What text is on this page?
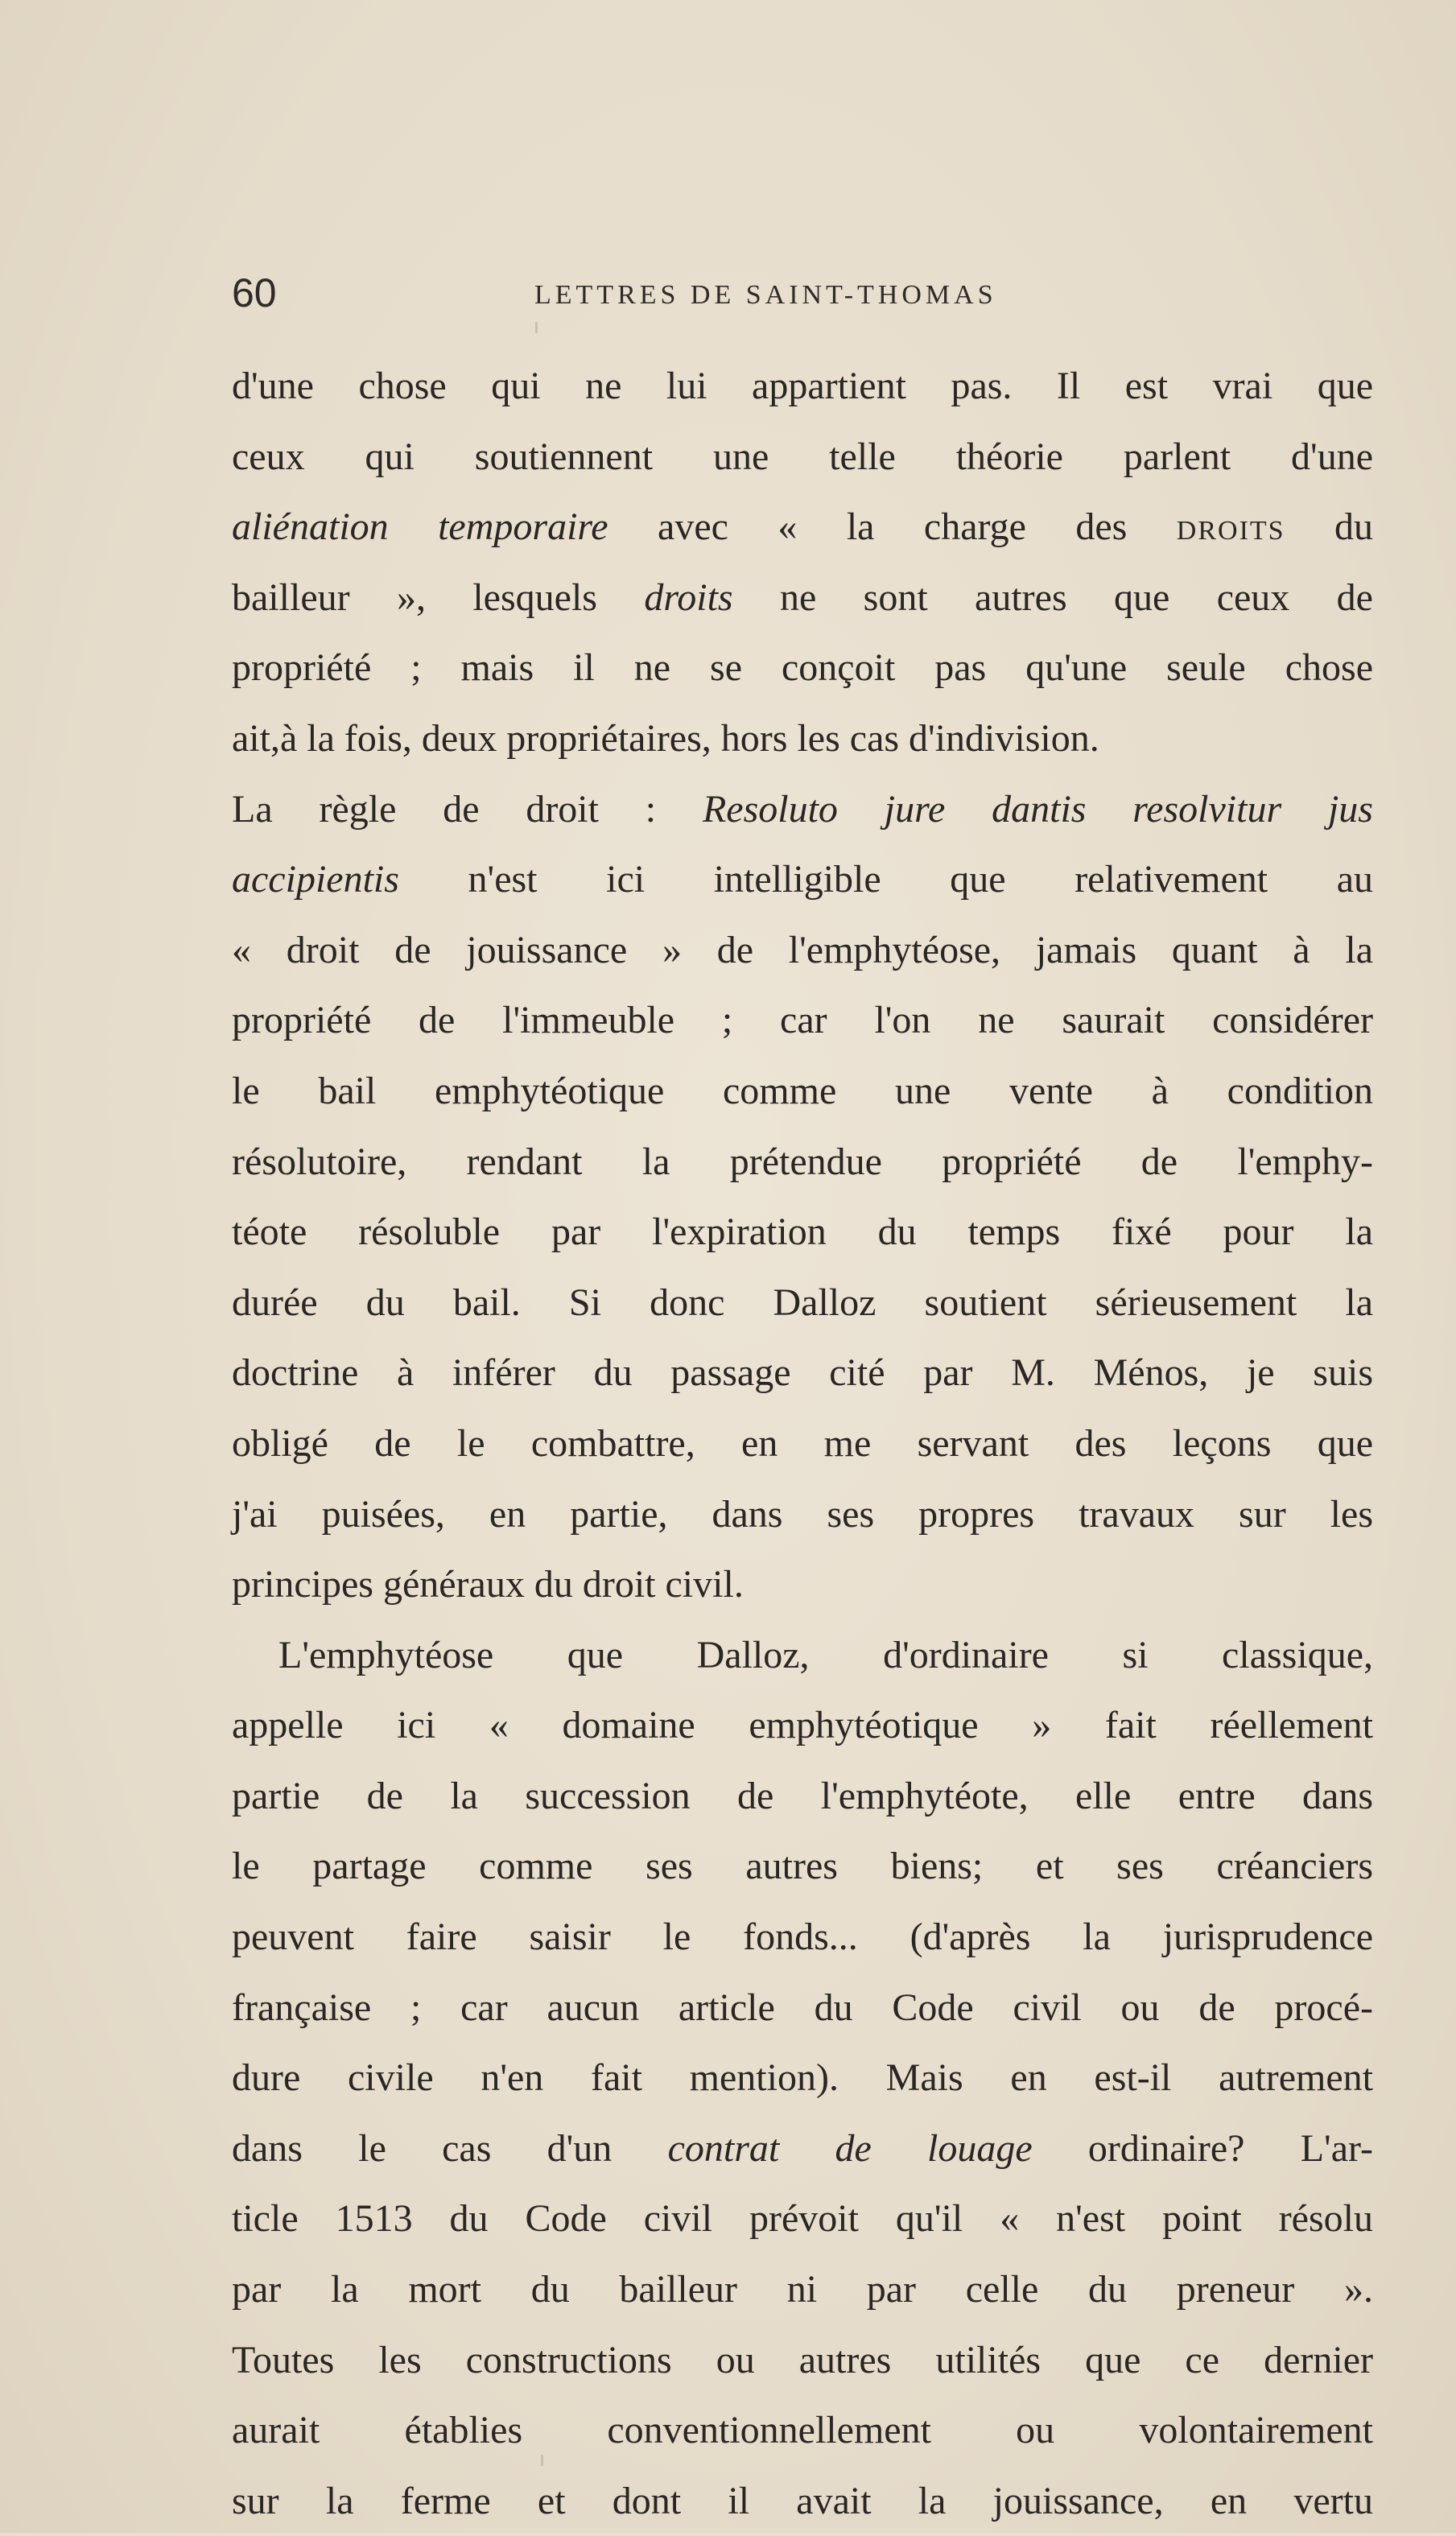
60	LETTRES DE SAINT-THOMAS
d'une chose qui ne lui appartient pas. Il est vrai que
ceux qui soutiennent une telle théorie parlent d'une
aliénation temporaire avec « la charge des droits du
bailleur », lesquels droits ne sont autres que ceux de
propriété ; mais il ne se conçoit pas qu'une seule chose
ait,à la fois, deux propriétaires, hors les cas d'indivision.
La règle de droit : Resoluto jure dantis resolvitur jus
accipientis n'est ici intelligible que relativement au
« droit de jouissance » de l'emphytéose, jamais quant à la
propriété de l'immeuble ; car l'on ne saurait considérer
le bail emphytéotique comme une vente à condition
résolutoire, rendant la prétendue propriété de l'emphy-
téote résoluble par l'expiration du temps fixé pour la
durée du bail. Si donc Dalloz soutient sérieusement la
doctrine à inférer du passage cité par M. Ménos, je suis
obligé de le combattre, en me servant des leçons que
j'ai puisées, en partie, dans ses propres travaux sur les
principes généraux du droit civil.
L'emphytéose que Dalloz, d'ordinaire si classique,
appelle ici « domaine emphytéotique » fait réellement
partie de la succession de l'emphytéote, elle entre dans
le partage comme ses autres biens; et ses créanciers
peuvent faire saisir le fonds... (d'après la jurisprudence
française ; car aucun article du Code civil ou de procé-
dure civile n'en fait mention). Mais en est-il autrement
dans le cas d'un contrat de louage ordinaire? L'ar-
ticle 1513 du Code civil prévoit qu'il « n'est point résolu
par la mort du bailleur ni par celle du preneur ».
Toutes les constructions ou autres utilités que ce dernier
aurait établies conventionnellement ou volontairement
sur la ferme et dont il avait la jouissance, en vertu
